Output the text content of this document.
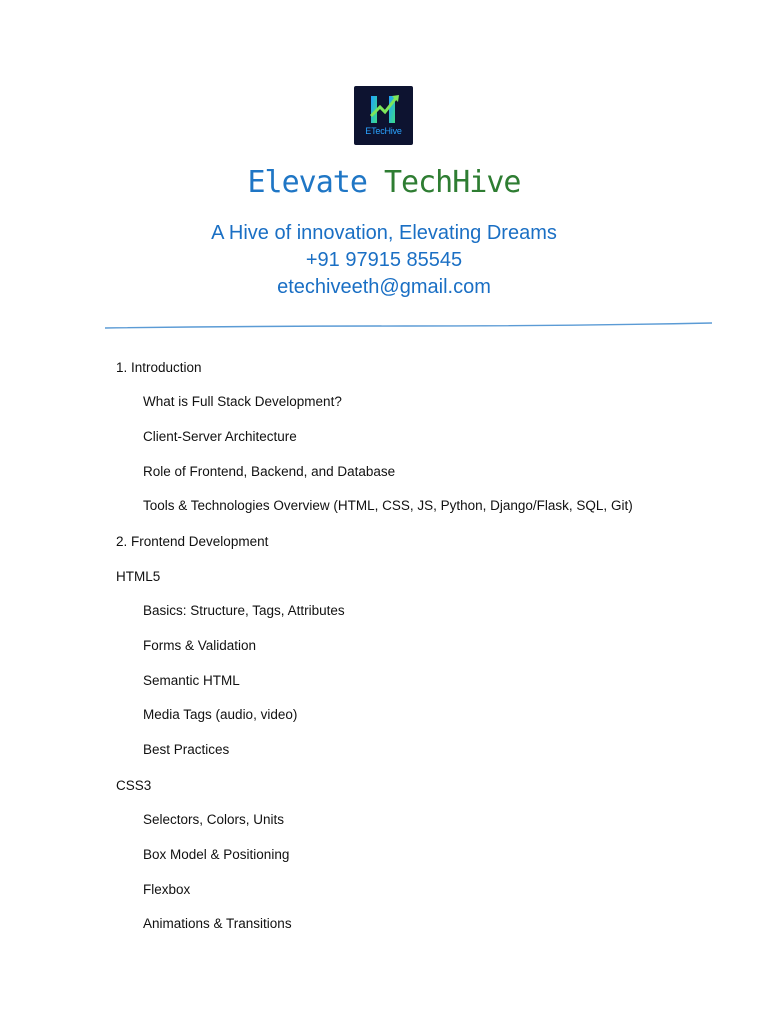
ETecHive
Elevate TechHive
A Hive of innovation, Elevating Dreams
+91 97915 85545
etechiveeth@gmail.com
1. Introduction
What is Full Stack Development?
Client-Server Architecture
Role of Frontend, Backend, and Database
Tools & Technologies Overview (HTML, CSS, JS, Python, Django/Flask, SQL, Git)
2. Frontend Development
HTML5
Basics: Structure, Tags, Attributes
Forms & Validation
Semantic HTML
Media Tags (audio, video)
Best Practices
CSS3
Selectors, Colors, Units
Box Model & Positioning
Flexbox
Animations & Transitions
